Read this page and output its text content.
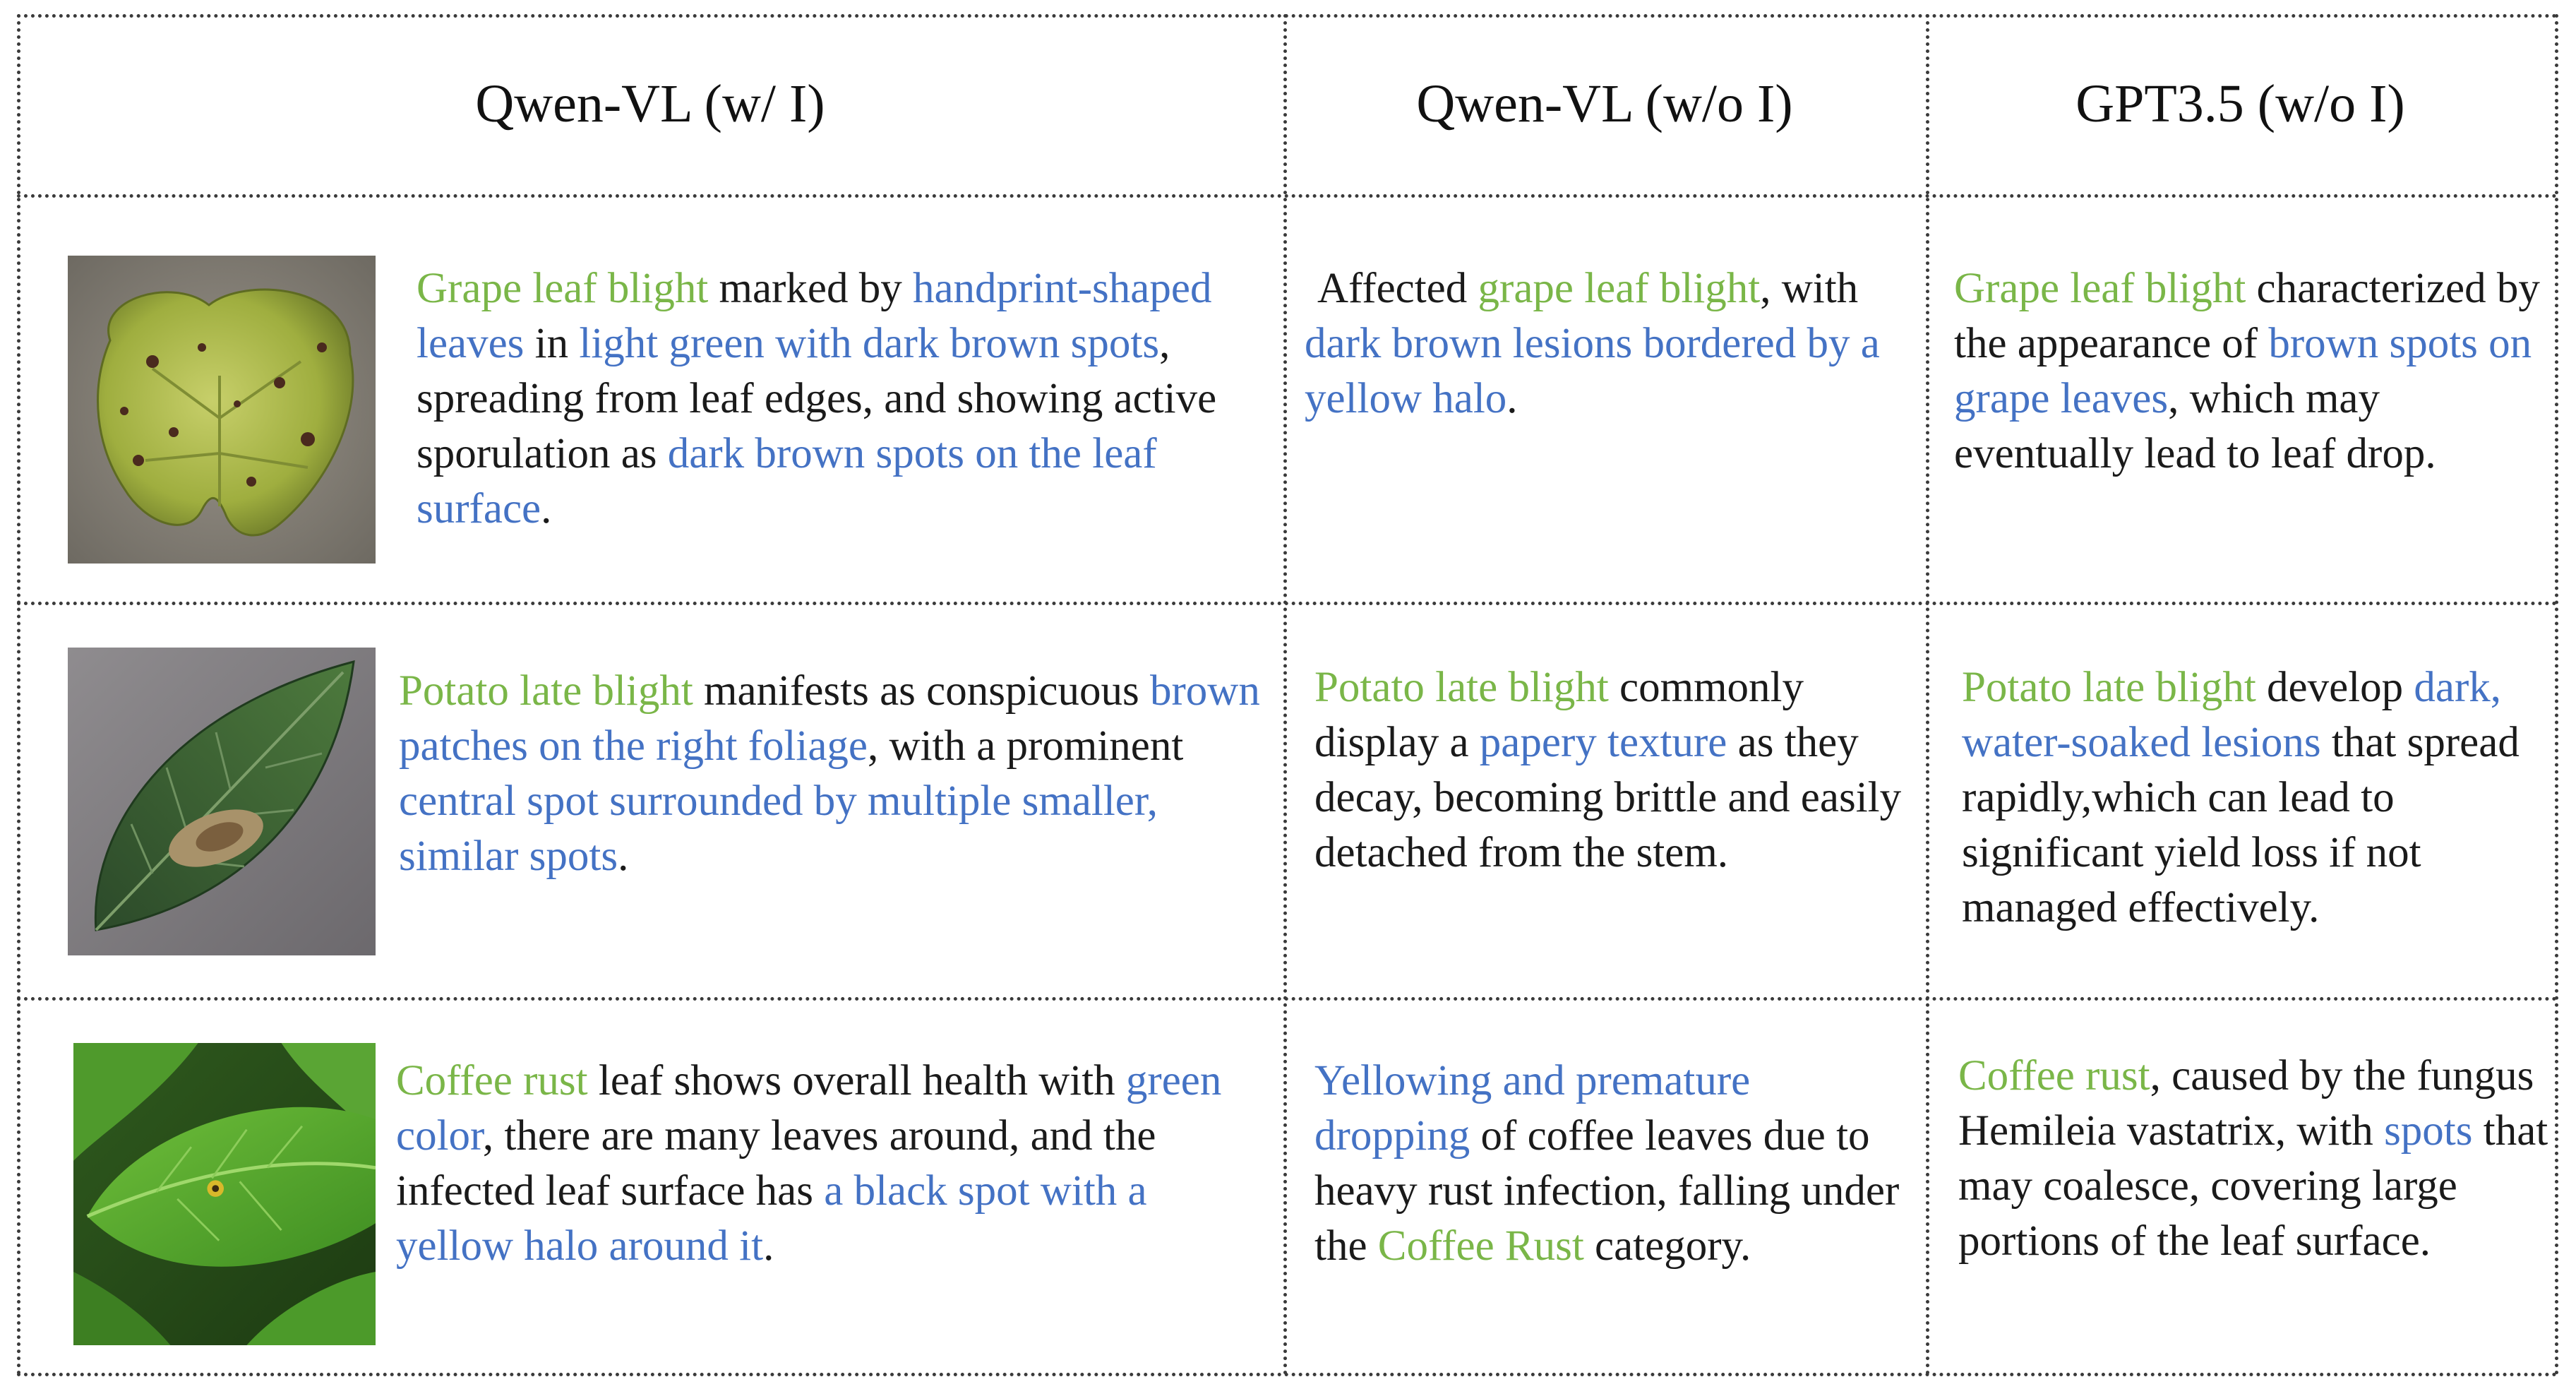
Qwen-VL (w/ I)	Qwen-VL (w/o I)	GPT3.5 (w/o I)
Grape leaf blight marked by handprint-shaped leaves in light green with dark brown spots, spreading from leaf edges, and showing active sporulation as dark brown spots on the leaf surface.
Affected grape leaf blight, with dark brown lesions bordered by a yellow halo.
Grape leaf blight characterized by the appearance of brown spots on grape leaves, which may eventually lead to leaf drop.
Potato late blight manifests as conspicuous brown patches on the right foliage, with a prominent central spot surrounded by multiple smaller, similar spots.
Potato late blight commonly display a papery texture as they decay, becoming brittle and easily detached from the stem.
Potato late blight develop dark, water-soaked lesions that spread rapidly,which can lead to significant yield loss if not managed effectively.
Coffee rust leaf shows overall health with green color, there are many leaves around, and the infected leaf surface has a black spot with a yellow halo around it.
Yellowing and premature dropping of coffee leaves due to heavy rust infection, falling under the Coffee Rust category.
Coffee rust, caused by the fungus Hemileia vastatrix, with spots that may coalesce, covering large portions of the leaf surface.
